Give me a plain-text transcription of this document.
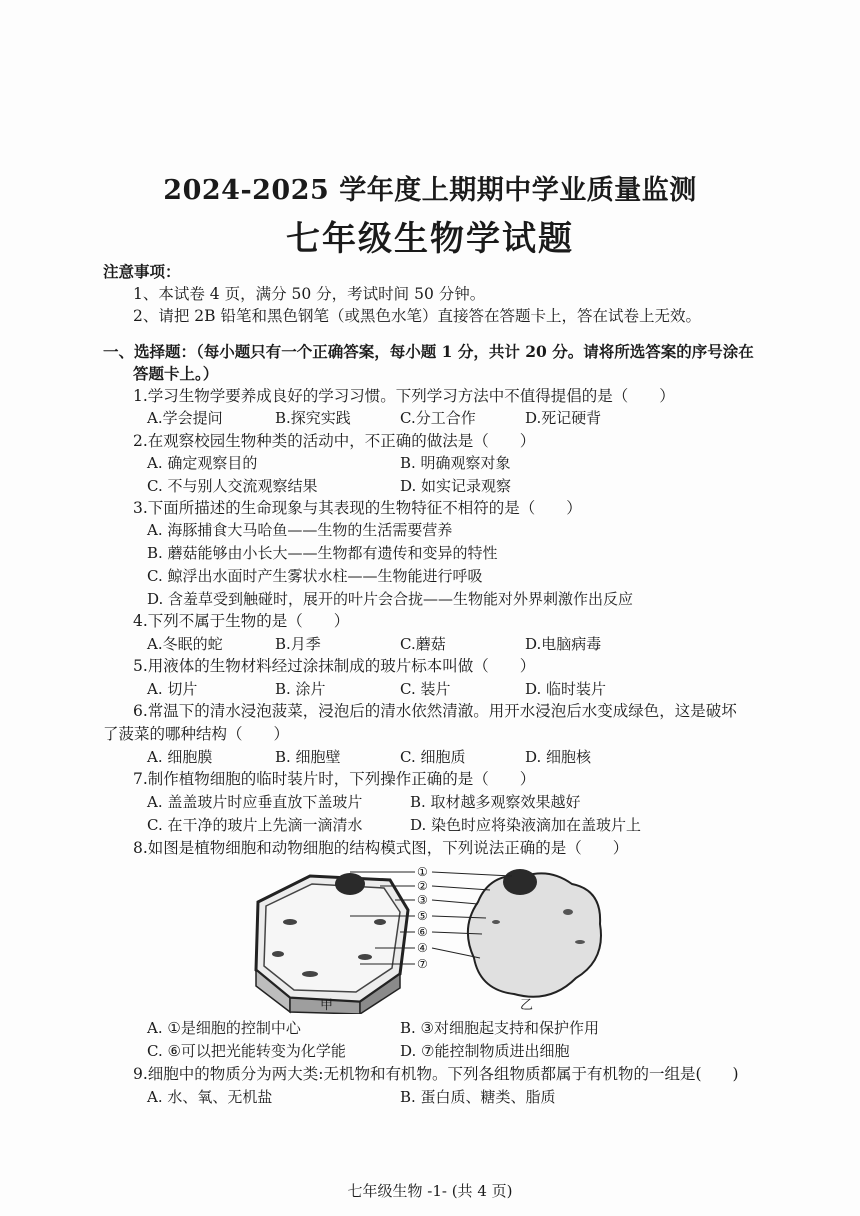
2024-2025 学年度上期期中学业质量监测
七年级生物学试题
注意事项：
1、本试卷 4 页，满分 50 分，考试时间 50 分钟。
2、请把 2B 铅笔和黑色钢笔（或黑色水笔）直接答在答题卡上，答在试卷上无效。
一、选择题：（每小题只有一个正确答案，每小题 1 分，共计 20 分。请将所选答案的序号涂在
答题卡上。）
1.学习生物学要养成良好的学习习惯。下列学习方法中不值得提倡的是（　　）
A.学会提问	B.探究实践	C.分工合作	D.死记硬背
2.在观察校园生物种类的活动中，不正确的做法是（　　）
A. 确定观察目的	B. 明确观察对象
C. 不与别人交流观察结果	D. 如实记录观察
3.下面所描述的生命现象与其表现的生物特征不相符的是（　　）
A. 海豚捕食大马哈鱼——生物的生活需要营养
B. 蘑菇能够由小长大——生物都有遗传和变异的特性
C. 鲸浮出水面时产生雾状水柱——生物能进行呼吸
D. 含羞草受到触碰时，展开的叶片会合拢——生物能对外界刺激作出反应
4.下列不属于生物的是（　　）
A.冬眠的蛇	B.月季	C.蘑菇	D.电脑病毒
5.用液体的生物材料经过涂抹制成的玻片标本叫做（　　）
A. 切片	B. 涂片	C. 装片	D. 临时装片
6.常温下的清水浸泡菠菜，浸泡后的清水依然清澈。用开水浸泡后水变成绿色，这是破坏
了菠菜的哪种结构（　　）
A. 细胞膜	B. 细胞壁	C. 细胞质	D. 细胞核
7.制作植物细胞的临时装片时，下列操作正确的是（　　）
A. 盖盖玻片时应垂直放下盖玻片	B. 取材越多观察效果越好
C. 在干净的玻片上先滴一滴清水	D. 染色时应将染液滴加在盖玻片上
8.如图是植物细胞和动物细胞的结构模式图，下列说法正确的是（　　）
①
②
③
⑤
⑥
④
⑦
甲	乙
A. ①是细胞的控制中心	B. ③对细胞起支持和保护作用
C. ⑥可以把光能转变为化学能	D. ⑦能控制物质进出细胞
9.细胞中的物质分为两大类:无机物和有机物。下列各组物质都属于有机物的一组是(　　)
A. 水、氧、无机盐	B. 蛋白质、糖类、脂质
七年级生物 -1- (共 4 页)
